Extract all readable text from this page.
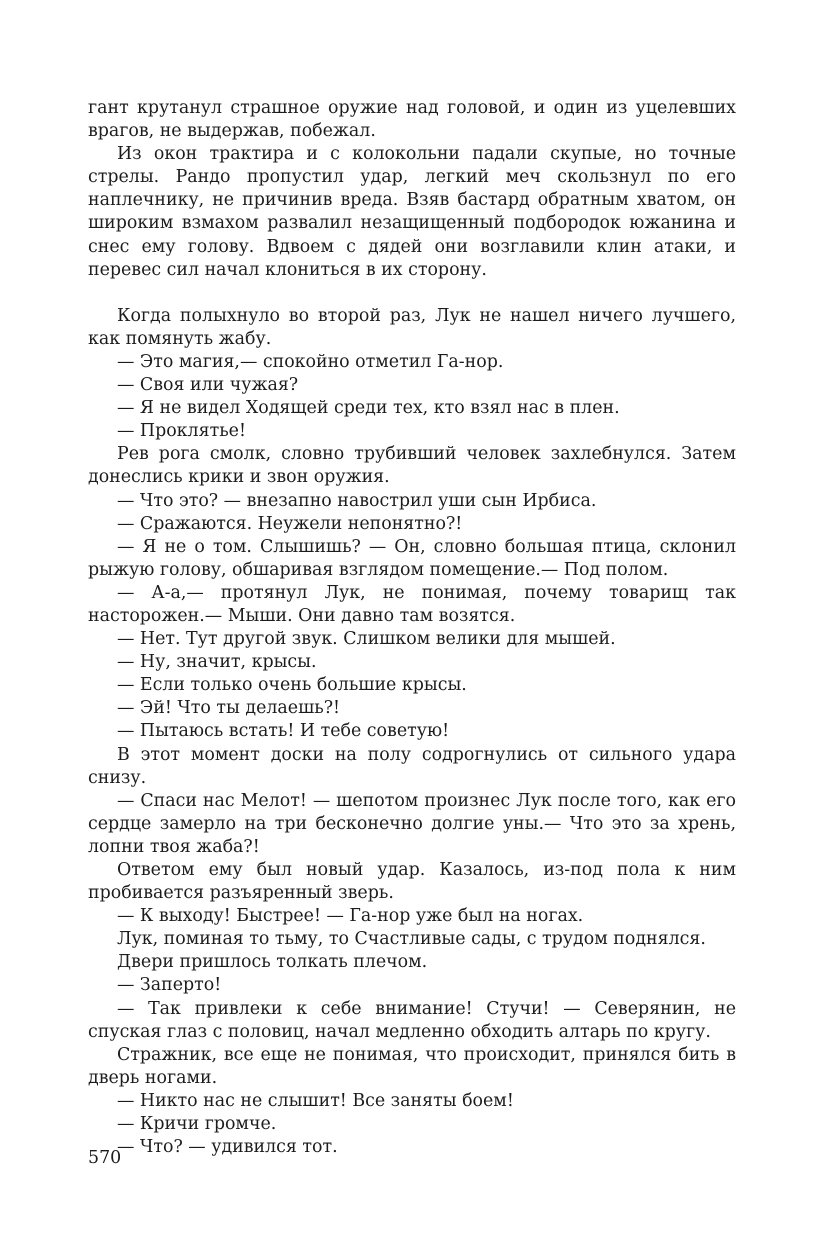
гант крутанул страшное оружие над головой, и один из уцелевших врагов, не выдержав, побежал.

Из окон трактира и с колокольни падали скупые, но точные стрелы. Рандо пропустил удар, легкий меч скользнул по его наплечнику, не причинив вреда. Взяв бастард обратным хватом, он широким взмахом развалил незащищенный подбородок южанина и снес ему голову. Вдвоем с дядей они возглавили клин атаки, и перевес сил начал клониться в их сторону.

Когда полыхнуло во второй раз, Лук не нашел ничего лучшего, как помянуть жабу.

— Это магия,— спокойно отметил Га-нор.

— Своя или чужая?

— Я не видел Ходящей среди тех, кто взял нас в плен.

— Проклятье!

Рев рога смолк, словно трубивший человек захлебнулся. Затем донеслись крики и звон оружия.

— Что это? — внезапно навострил уши сын Ирбиса.

— Сражаются. Неужели непонятно?!

— Я не о том. Слышишь? — Он, словно большая птица, склонил рыжую голову, обшаривая взглядом помещение.— Под полом.

— А-а,— протянул Лук, не понимая, почему товарищ так насторожен.— Мыши. Они давно там возятся.

— Нет. Тут другой звук. Слишком велики для мышей.

— Ну, значит, крысы.

— Если только очень большие крысы.

— Эй! Что ты делаешь?!

— Пытаюсь встать! И тебе советую!

В этот момент доски на полу содрогнулись от сильного удара снизу.

— Спаси нас Мелот! — шепотом произнес Лук после того, как его сердце замерло на три бесконечно долгие уны.— Что это за хрень, лопни твоя жаба?!

Ответом ему был новый удар. Казалось, из-под пола к ним пробивается разъяренный зверь.

— К выходу! Быстрее! — Га-нор уже был на ногах.

Лук, поминая то тьму, то Счастливые сады, с трудом поднялся.

Двери пришлось толкать плечом.

— Заперто!

— Так привлеки к себе внимание! Стучи! — Северянин, не спуская глаз с половиц, начал медленно обходить алтарь по кругу.

Стражник, все еще не понимая, что происходит, принялся бить в дверь ногами.

— Никто нас не слышит! Все заняты боем!

— Кричи громче.

— Что? — удивился тот.

570
